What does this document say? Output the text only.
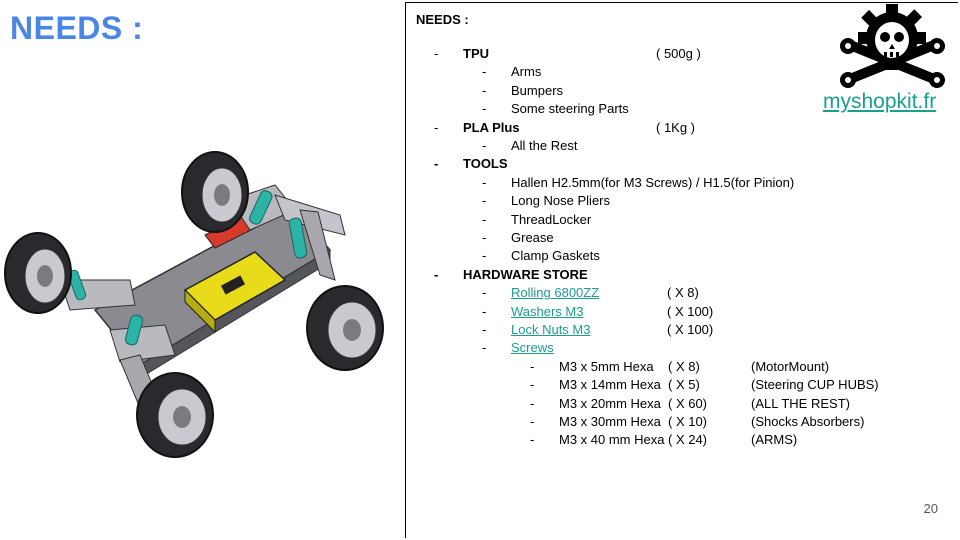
NEEDS :	NEEDS :
- TPU	( 500g )
- Arms
- Bumpers
- Some steering Parts
- PLA Plus	( 1Kg )
- All the Rest
- TOOLS
- Hallen H2.5mm(for M3 Screws) / H1.5(for Pinion)
- Long Nose Pliers
- ThreadLocker
- Grease
- Clamp Gaskets
- HARDWARE STORE
- Rolling 6800ZZ	( X 8)
- Washers M3	( X 100)
- Lock Nuts M3	( X 100)
- Screws
- M3 x 5mm Hexa ( X 8)	(MotorMount)
- M3 x 14mm Hexa ( X 5)	(Steering CUP HUBS)
- M3 x 20mm Hexa ( X 60)	(ALL THE REST)
- M3 x 30mm Hexa ( X 10)	(Shocks Absorbers)
- M3 x 40 mm Hexa ( X 24)	(ARMS)
20
myshopkit.fr
